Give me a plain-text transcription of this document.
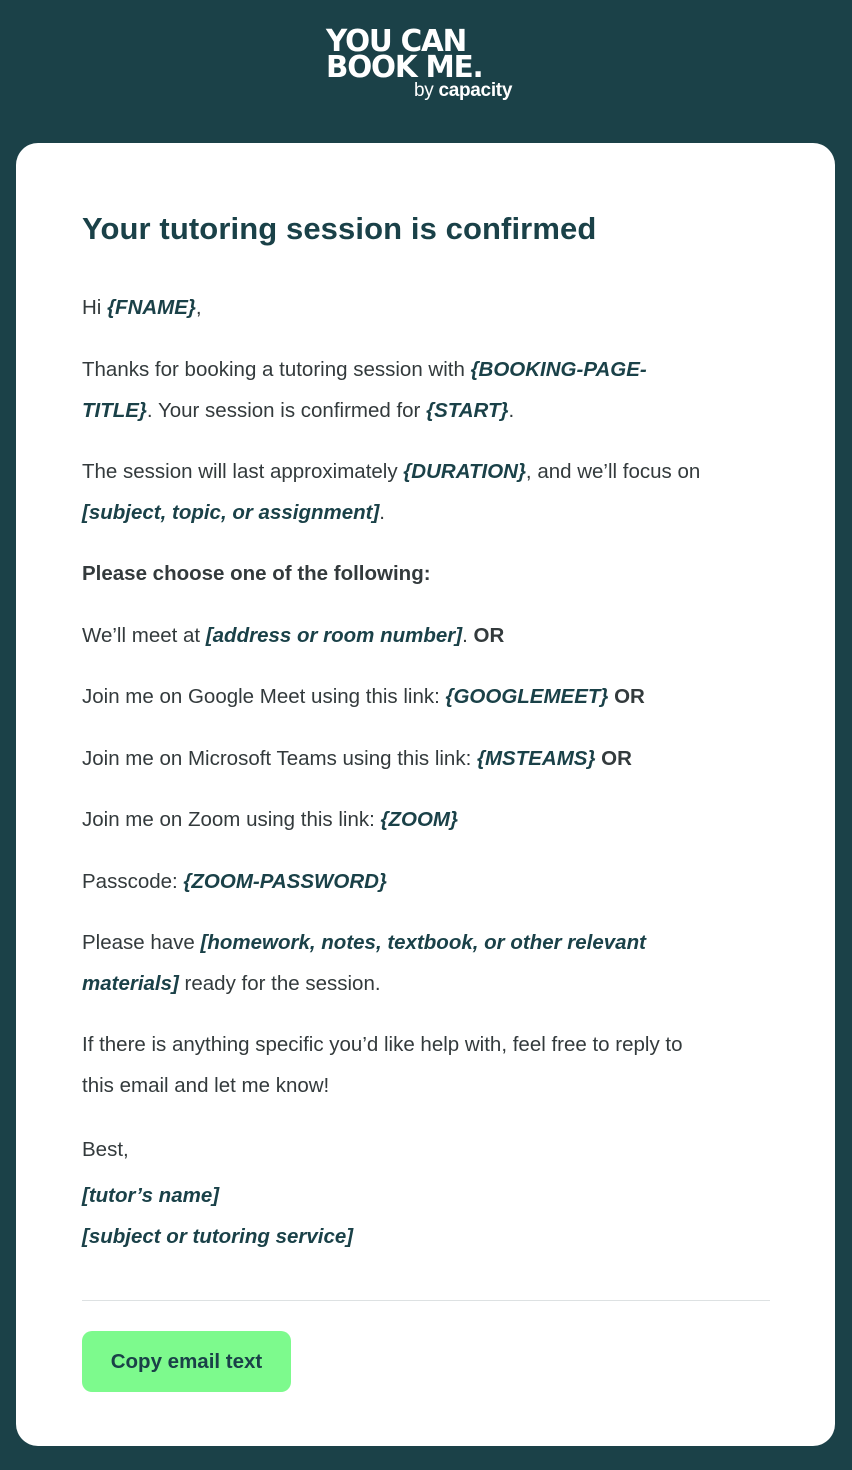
YOU CAN
BOOK ME.
by capacity
Your tutoring session is confirmed
Hi {FNAME},
Thanks for booking a tutoring session with {BOOKING-PAGE-
TITLE}. Your session is confirmed for {START}.
The session will last approximately {DURATION}, and we’ll focus on
[subject, topic, or assignment].
Please choose one of the following:
We’ll meet at [address or room number]. OR
Join me on Google Meet using this link: {GOOGLEMEET} OR
Join me on Microsoft Teams using this link: {MSTEAMS} OR
Join me on Zoom using this link: {ZOOM}
Passcode: {ZOOM-PASSWORD}
Please have [homework, notes, textbook, or other relevant
materials] ready for the session.
If there is anything specific you’d like help with, feel free to reply to
this email and let me know!
Best,
[tutor’s name]
[subject or tutoring service]
Copy email text
